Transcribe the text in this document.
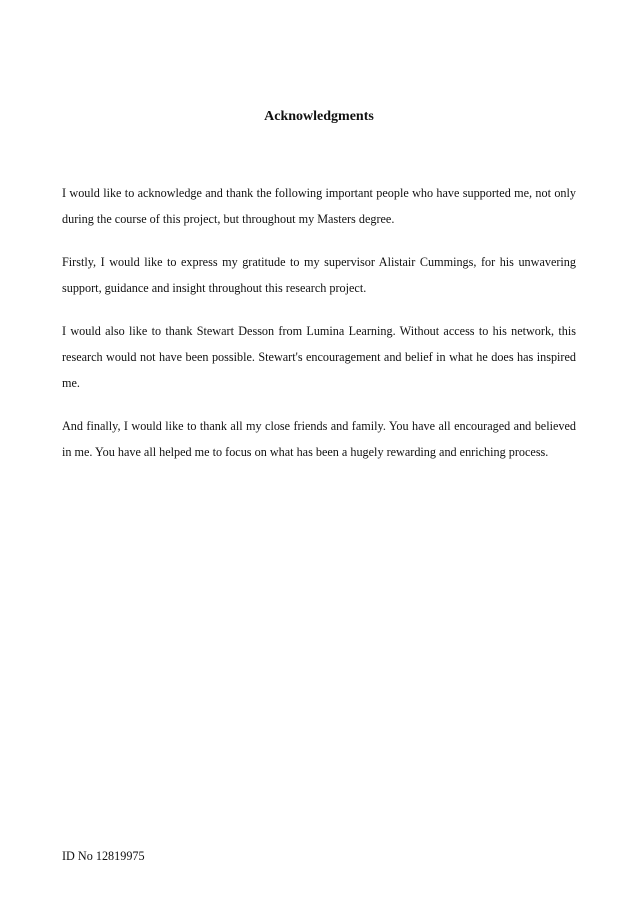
Acknowledgments

I would like to acknowledge and thank the following important people who have supported me, not only during the course of this project, but throughout my Masters degree.

Firstly, I would like to express my gratitude to my supervisor Alistair Cummings, for his unwavering support, guidance and insight throughout this research project.

I would also like to thank Stewart Desson from Lumina Learning. Without access to his network, this research would not have been possible. Stewart's encouragement and belief in what he does has inspired me.

And finally, I would like to thank all my close friends and family. You have all encouraged and believed in me. You have all helped me to focus on what has been a hugely rewarding and enriching process.

ID No 12819975
